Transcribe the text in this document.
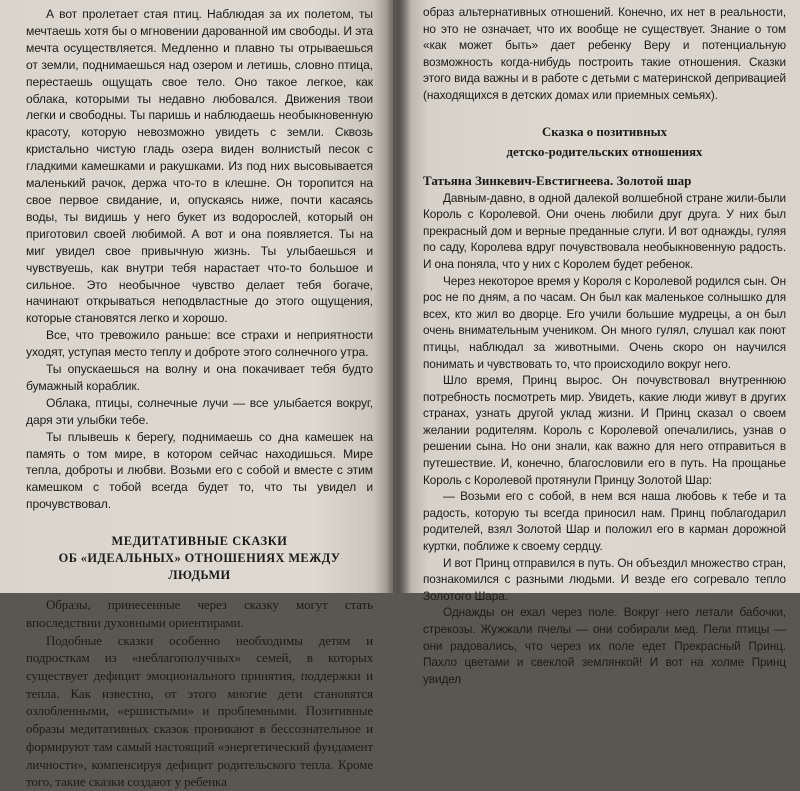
А вот пролетает стая птиц. Наблюдая за их полетом, ты мечтаешь хотя бы о мгновении дарованной им свободы. И эта мечта осуществляется. Медленно и плавно ты отрываешься от земли, поднимаешься над озером и летишь, словно птица, перестаешь ощущать свое тело. Оно такое легкое, как облака, которыми ты недавно любовался. Движения твои легки и свободны. Ты паришь и наблюдаешь необыкновенную красоту, которую невозможно увидеть с земли. Сквозь кристально чистую гладь озера виден волнистый песок с гладкими камешками и ракушками. Из под них высовывается маленький рачок, держа что-то в клешне. Он торопится на свое первое свидание, и, опускаясь ниже, почти касаясь воды, ты видишь у него букет из водорослей, который он приготовил своей любимой. А вот и она появляется. Ты на миг увидел свое привычную жизнь. Ты улыбаешься и чувствуешь, как внутри тебя нарастает что-то большое и сильное. Это необычное чувство делает тебя богаче, начинают открываться неподвластные до этого ощущения, которые становятся легко и хорошо.

Все, что тревожило раньше: все страхи и неприятности уходят, уступая место теплу и доброте этого солнечного утра.

Ты опускаешься на волну и она покачивает тебя будто бумажный кораблик.

Облака, птицы, солнечные лучи — все улыбается вокруг, даря эти улыбки тебе.

Ты плывешь к берегу, поднимаешь со дна камешек на память о том мире, в котором сейчас находишься. Мире тепла, доброты и любви. Возьми его с собой и вместе с этим камешком с тобой всегда будет то, что ты увидел и прочувствовал.

МЕДИТАТИВНЫЕ СКАЗКИ
ОБ «ИДЕАЛЬНЫХ» ОТНОШЕНИЯХ МЕЖДУ ЛЮДЬМИ

Образы, принесенные через сказку могут стать впоследствии духовными ориентирами.

Подобные сказки особенно необходимы детям и подросткам из «неблагополучных» семей, в которых существует дефицит эмоционального принятия, поддержки и тепла. Как известно, от этого многие дети становятся озлобленными, «ершистыми» и проблемными. Позитивные образы медитативных сказок проникают в бессознательное и формируют там самый настоящий «энергетический фундамент личности», компенсируя дефицит родительского тепла. Кроме того, такие сказки создают у ребенка

образ альтернативных отношений. Конечно, их нет в реальности, но это не означает, что их вообще не существует. Знание о том «как может быть» дает ребенку Веру и потенциальную возможность когда-нибудь построить такие отношения. Сказки этого вида важны и в работе с детьми с материнской депривацией (находящихся в детских домах или приемных семьях).

Сказка о позитивных
детско-родительских отношениях
Татьяна Зинкевич-Евстигнеева. Золотой шар

Давным-давно, в одной далекой волшебной стране жили-были Король с Королевой. Они очень любили друг друга. У них был прекрасный дом и верные преданные слуги. И вот однажды, гуляя по саду, Королева вдруг почувствовала необыкновенную радость. И она поняла, что у них с Королем будет ребенок.

Через некоторое время у Короля с Королевой родился сын. Он рос не по дням, а по часам. Он был как маленькое солнышко для всех, кто жил во дворце. Его учили большие мудрецы, а он был очень внимательным учеником. Он много гулял, слушал как поют птицы, наблюдал за животными. Очень скоро он научился понимать и чувствовать то, что происходило вокруг него.

Шло время, Принц вырос. Он почувствовал внутреннюю потребность посмотреть мир. Увидеть, какие люди живут в других странах, узнать другой уклад жизни. И Принц сказал о своем желании родителям. Король с Королевой опечалились, узнав о решении сына. Но они знали, как важно для него отправиться в путешествие. И, конечно, благословили его в путь. На прощанье Король с Королевой протянули Принцу Золотой Шар:

— Возьми его с собой, в нем вся наша любовь к тебе и та радость, которую ты всегда приносил нам. Принц поблагодарил родителей, взял Золотой Шар и положил его в карман дорожной куртки, поближе к своему сердцу.

И вот Принц отправился в путь. Он объездил множество стран, познакомился с разными людьми. И везде его согревало тепло Золотого Шара.

Однажды он ехал через поле. Вокруг него летали бабочки, стрекозы. Жужжали пчелы — они собирали мед. Пели птицы — они радовались, что через их поле едет Прекрасный Принц. Пахло цветами и свеклой землянкой! И вот на холме Принц увидел
